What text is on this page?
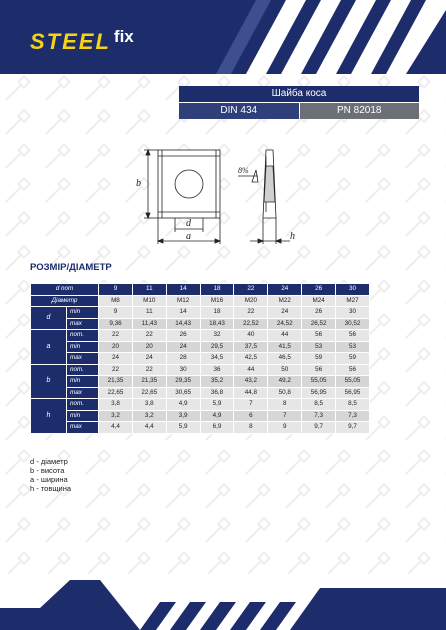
STEEL fix
Шайба коса
DIN 434	PN 82018
b
d
a	h
8%
РОЗМІР/ДІАМЕТР
d nom		9	11	14	18	22	24	26	30
Діаметр		M8	M10	M12	M16	M20	M22	M24	M27
d	min	9	11	14	18	22	24	26	30
	max	9,36	11,43	14,43	18,43	22,52	24,52	26,52	30,52
a	nom.	22	22	26	32	40	44	56	56
	min	20	20	24	29,5	37,5	41,5	53	53
	max	24	24	28	34,5	42,5	46,5	59	59
b	nom.	22	22	30	36	44	50	56	56
	min	21,35	21,35	29,35	35,2	43,2	49,2	55,05	55,05
	max	22,65	22,65	30,65	36,8	44,8	50,8	56,95	56,95
h	nom.	3,8	3,8	4,9	5,9	7	8	8,5	8,5
	min	3,2	3,2	3,9	4,9	6	7	7,3	7,3
	max	4,4	4,4	5,9	6,9	8	9	9,7	9,7
d - діаметр
b - висота
a - ширина
h - товщина
